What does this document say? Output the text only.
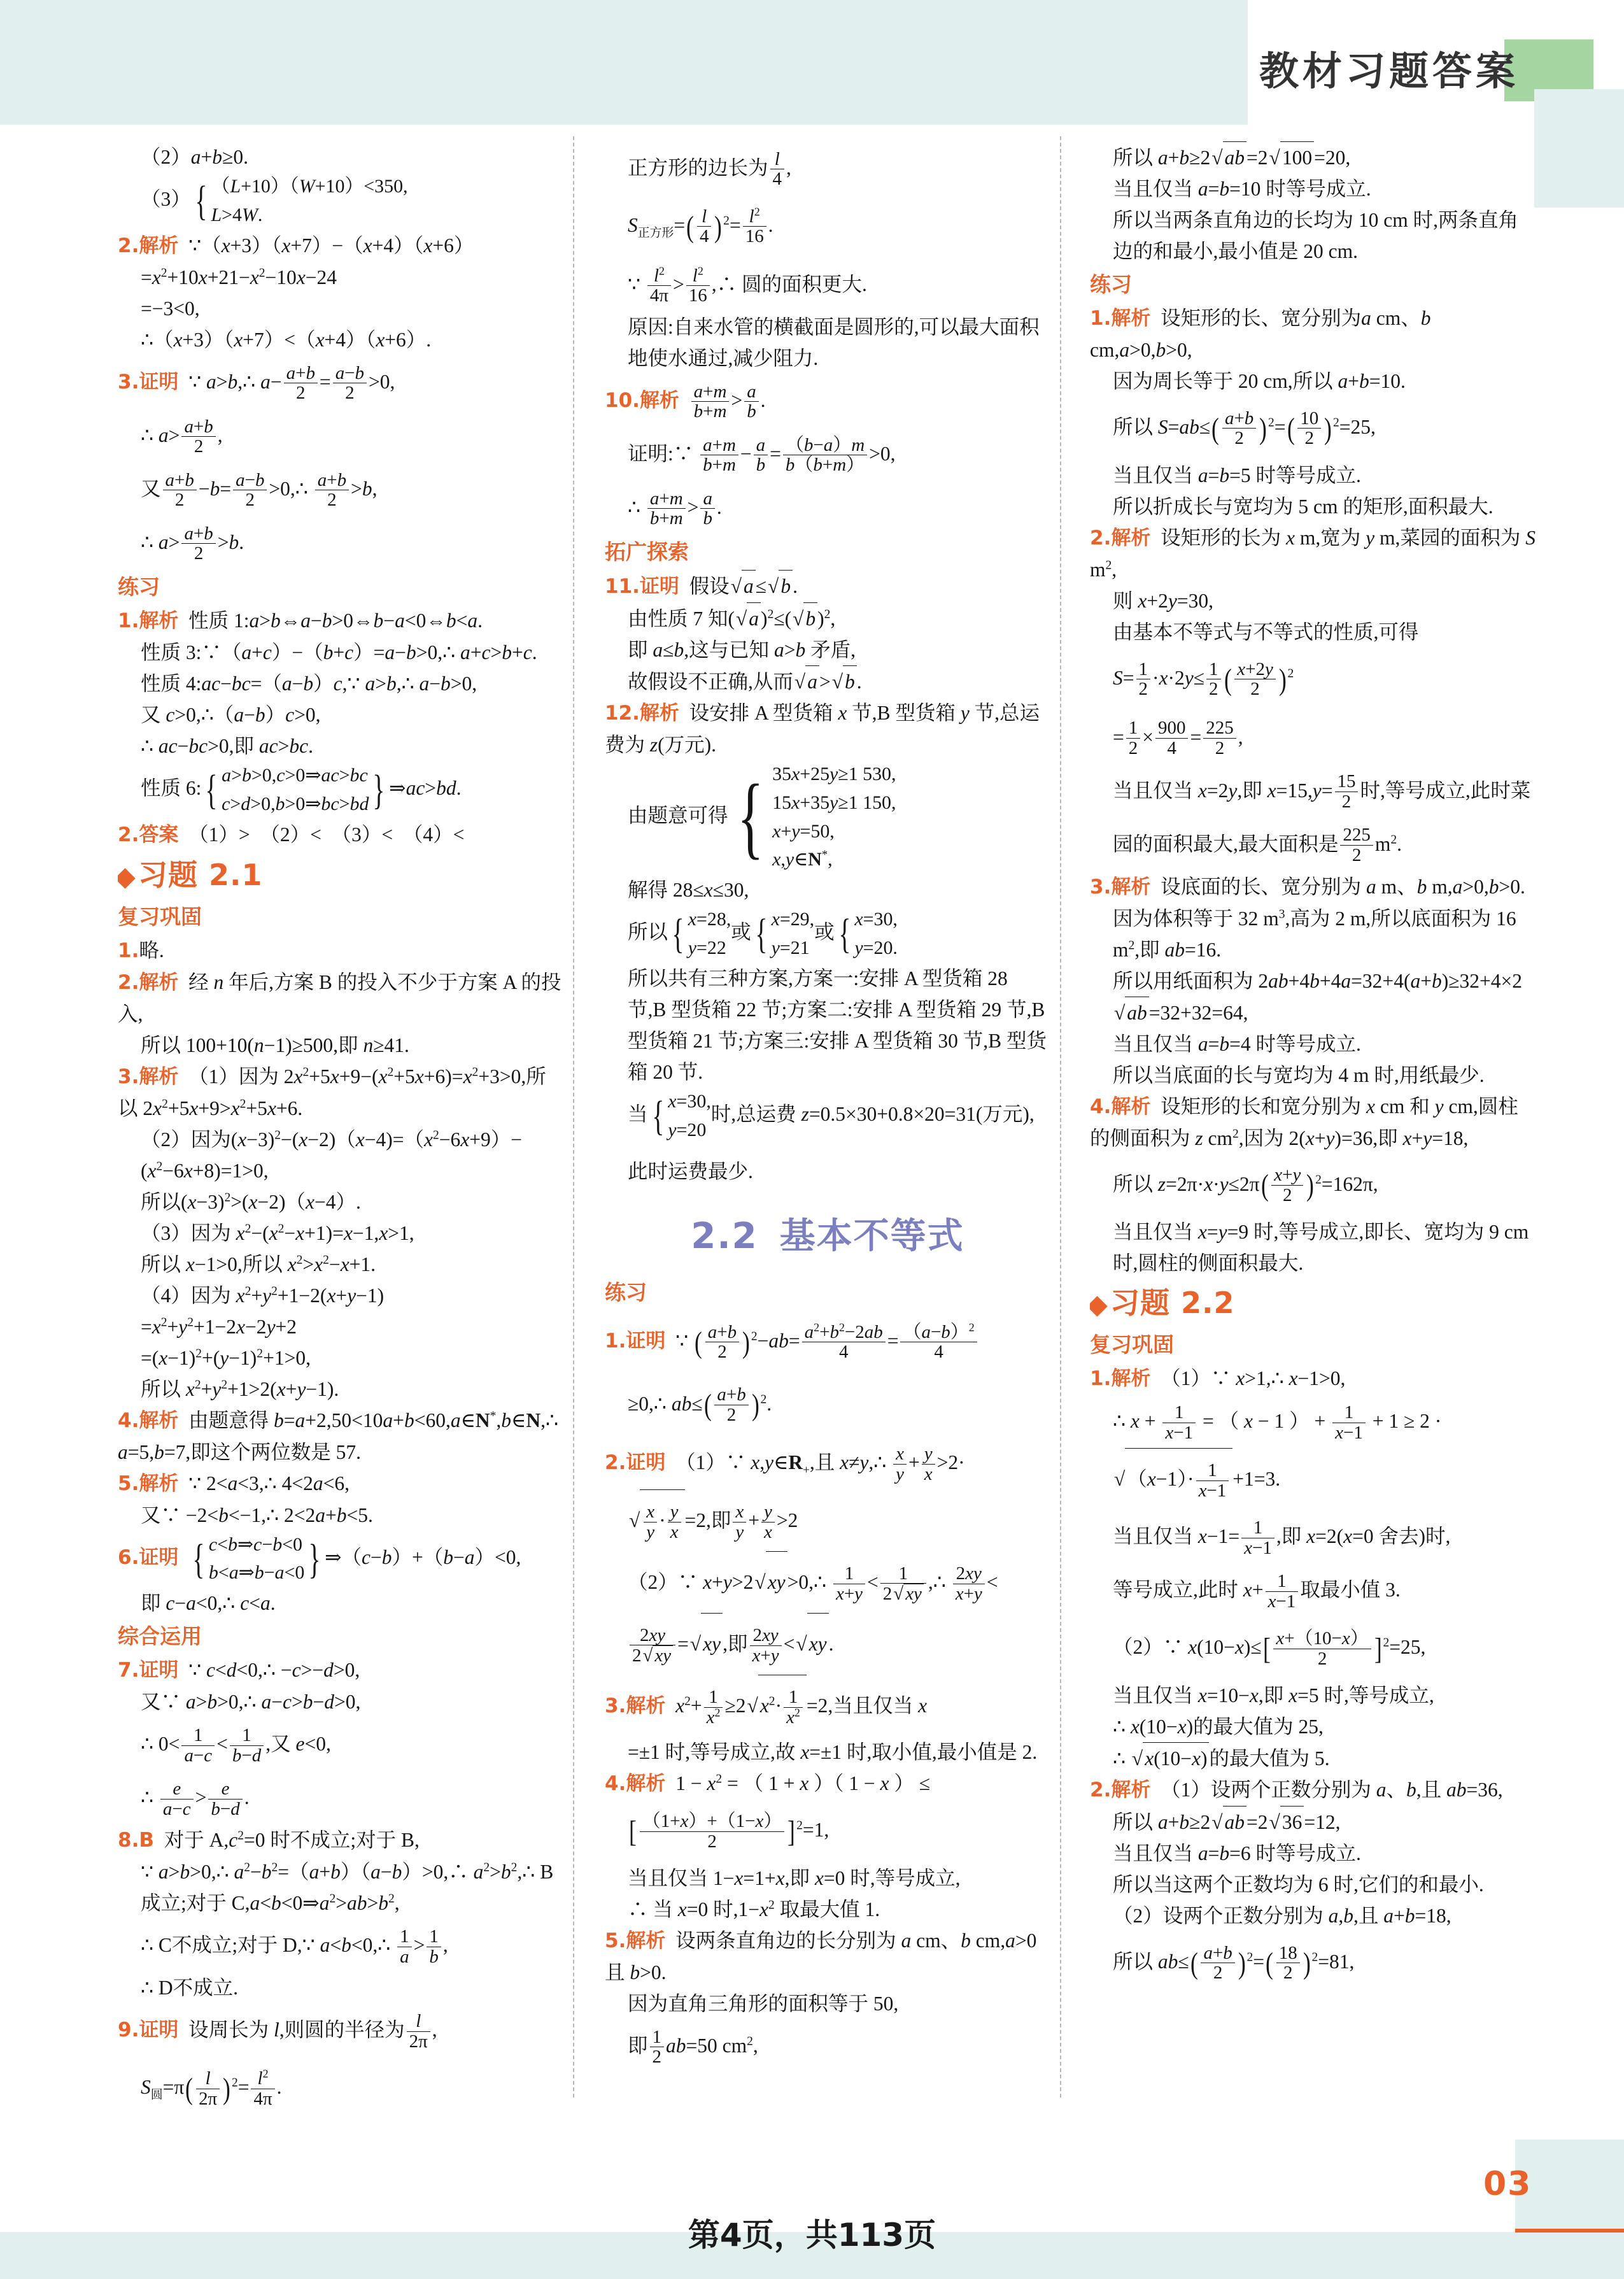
教材习题答案
（2）a+b≥0.
（3） { （L+10）（W+10）<350,
L>4W.
2.解析  ∵（x+3）（x+7）−（x+4）（x+6）
$=x^2+10x+21-x^2-10x-24$
=−3<0,
∴（x+3）（x+7）<（x+4）（x+6）.
3.证明  ∵ a>b,∴ $a- \frac{a+b}{2} = \frac{a-b}{2} >0$,
∴ $a> \frac{a+b}{2}$ ,
又 $\frac{a+b}{2} -b= \frac{a-b}{2}$ >0,∴ $\frac{a+b}{2} >b$,
∴ $a> \frac{a+b}{2} >b$.
练习
1.解析  性质 1:a>b⇔a−b>0⇔b−a<0⇔b<a.
性质 3:∵（a+c）−（b+c）=a−b>0,∴ a+c>b+c.
性质 4:ac−bc=（a−b）c,∵ a>b,∴ a−b>0,
又 c>0,∴（a−b）c>0,
∴ ac−bc>0,即 ac>bc.
性质 6: { a>b>0,c>0⇒ac>bc
c>d>0,b>0⇒bc>bd } ⇒ac>bd.
2.答案  （1）>  （2）<  （3）<  （4）<
习题 2.1
复习巩固
1.略.
2.解析  经 n 年后,方案 B 的投入不少于方案 A 的投入,
所以 100+10(n−1)≥500,即 n≥41.
3.解析  （1）因为 $2x^2+5x+9-(x^2+5x+6)=x^2+3>0$,所以 $2x^2+5x+9>x^2+5x+6$.
（2）因为$(x-3)^2-(x-2)(x-4)=(x^2-6x+9)-(x^2-6x+8)=1>0$,
所以$(x-3)^2>(x-2)(x-4)$.
（3）因为 $x^2-(x^2-x+1)=x-1,x>1$,
所以 x−1>0,所以 $x^2>x^2-x+1$.
（4）因为 $x^2+y^2+1-2(x+y-1)$
$=x^2+y^2+1-2x-2y+2$
$=(x-1)^2+(y-1)^2+1>0$,
所以 $x^2+y^2+1>2(x+y-1)$.
4.解析  由题意得 b=a+2,50<10a+b<60,a∈N*,b∈N,∴ a=5,b=7,即这个两位数是 57.
5.解析  ∵ 2<a<3,∴ 4<2a<6,
又∵ −2<b<−1,∴ 2<2a+b<5.
6.证明 { c<b⇒c−b<0
b<a⇒b−a<0 } ⇒（c−b）+（b−a）<0,
即 c−a<0,∴ c<a.
综合运用
7.证明  ∵ c<d<0,∴ −c>−d>0,
又∵ a>b>0,∴ a−c>b−d>0,
∴ $0< \frac{1}{a-c} < \frac{1}{b-d}$ ,又 e<0,
∴ $\frac{e}{a-c} > \frac{e}{b-d}$ .
8.B  对于 $A,c^2=0$ 时不成立;对于 B,
∵ a>b>0,∴ $a^2-b^2=(a+b)(a-b)>0,\therefore$ $a^2>b^2,\therefore$ B 成立;对于 $C,a<b<0\Rightarrow a^2>ab>b^2$,
∴ C不成立;对于 D,∵ a<b<0,∴ $\frac{1}{a} > \frac{1}{b}$ ,
∴ D不成立.
9.证明  设周长为 l,则圆的半径为 $\frac{l}{2\pi}$ ,
$S_圆=\pi( \frac{l}{2\pi}$ ) $^2= \frac{l^2}{4\pi}$ .
正方形的边长为 $\frac{l}{4}$ ,
$S_{正方形}=( \frac{l}{4}$ ) $^2= \frac{l^2}{16}$ .
∵ $\frac{l^2}{4\pi} > \frac{l^2}{16}$ ,∴ 圆的面积更大.
原因:自来水管的横截面是圆形的,可以最大面积地使水通过,减少阻力.
10.解析 $\frac{a+m}{b+m} > \frac{a}{b}$ .
证明:∵ $\frac{a+m}{b+m} - \frac{a}{b} = \frac{(b-a)m}{b(b+m)} >0$,
∴ $\frac{a+m}{b+m} > \frac{a}{b}$ .
拓广探索
11.证明  假设√a≤√b.
由性质 7 知$(√a)^2\le(√b)^2$,
即 a≤b,这与已知 a>b 矛盾,
故假设不正确,从而√a>√b.
12.解析  设安排 A 型货箱 x 节,B 型货箱 y 节,总运费为 z(万元).
由题意可得 { 35x+25y≥1 530,
15x+35y≥1 150,
x+y=50,
x,y∈N*,
解得 28≤x≤30,
所以 { x=28,
y=22
或 { x=29,
y=21
或 { x=30,
y=20.
所以共有三种方案,方案一:安排 A 型货箱 28 节,B 型货箱 22 节;方案二:安排 A 型货箱 29 节,B 型货箱 21 节;方案三:安排 A 型货箱 30 节,B 型货箱 20 节.
当 { x=30,
y=20
时,总运费 z=0.5×30+0.8×20=31(万元),此时运费最少.
2.2 基本不等式
练习
1.证明  ∵ ( $\frac{a+b}{2}$ ) $^2-ab= \frac{a^2+b^2-2ab}{4} = \frac{(a-b)^2}{4}$
≥0,∴ $ab\le( \frac{a+b}{2}$ ) $^2$.
2.证明  （1）∵ $x,y\in R_+$,且 x≠y,∴ $\frac{x}{y} + \frac{y}{x} >2\cdot$
√ $\frac{x}{y} \cdot \frac{y}{x} =2$,即 $\frac{x}{y} + \frac{y}{x} >2$
（2）∵ x+y>2√xy>0,∴ $\frac{1}{x+y} < \frac{1}{2√ xy}$ ,∴ $\frac{2xy}{x+y}$ <
$\frac{2xy}{2√ xy} =√xy$,即 $\frac{2xy}{x+y} <√xy$.
3.解析 $x^2+ \frac{1}{x^2} \ge 2√x^2\cdot \frac{1}{x^2} =2$,当且仅当 x
=±1 时,等号成立,故 x=±1 时,取小值,最小值是 2.
4.解析  $1 - x^2$ = （ 1 + x ）（ 1 − x ） ≤
[ $\frac{(1+x)+(1-x)}{2}$ ] $^2$=1,
当且仅当 1−x=1+x,即 x=0 时,等号成立,
∴ 当 x=0 时$,1-x^2$ 取最大值 1.
5.解析  设两条直角边的长分别为 a cm、b cm,a>0 且 b>0.
因为直角三角形的面积等于 50,
即 $\frac{1}{2} ab=50$ $cm^2$,
所以 a+b≥2√ab=2√100=20,
当且仅当 a=b=10 时等号成立.
所以当两条直角边的长均为 10 cm 时,两条直角边的和最小,最小值是 20 cm.
练习
1.解析  设矩形的长、宽分别为a cm、b cm,a>0,b>0,
因为周长等于 20 cm,所以 a+b=10.
所以 $S=ab\le( \frac{a+b}{2}$ ) $^2=( \frac{10}{2}$ ) $^2$=25,
当且仅当 a=b=5 时等号成立.
所以折成长与宽均为 5 cm 的矩形,面积最大.
2.解析  设矩形的长为 x m,宽为 y m,菜园的面积为 S $m^2$,
则 x+2y=30,
由基本不等式与不等式的性质,可得
$S= \frac{1}{2} \cdot x\cdot 2y\le \frac{1}{2}$ ( $\frac{x+2y}{2}$ ) $^2$
= $\frac{1}{2} \times \frac{900}{4} = \frac{225}{2}$ ,
当且仅当 x=2y,即 $x=15,y= \frac{15}{2}$ 时,等号成立,此时菜园的面积最大,最大面积是 $\frac{225}{2} m^2$.
3.解析  设底面的长、宽分别为 a m、b m,a>0,b>0.
因为体积等于 32 $m^3$,高为 2 m,所以底面积为 16 $m^2$,即 ab=16.
所以用纸面积为 2ab+4b+4a=32+4(a+b)≥32+4×2√ab=32+32=64,
当且仅当 a=b=4 时等号成立.
所以当底面的长与宽均为 4 m 时,用纸最少.
4.解析  设矩形的长和宽分别为 x cm 和 y cm,圆柱的侧面积为 z $cm^2$,因为 2(x+y)=36,即 x+y=18,
所以 $z=2\pi\cdot x\cdot y\le 2\pi( \frac{x+y}{2}$ ) $^2$=162π,
当且仅当 x=y=9 时,等号成立,即长、宽均为 9 cm 时,圆柱的侧面积最大.
习题 2.2
复习巩固
1.解析  （1）∵ x>1,∴ x−1>0,
∴ $x + \frac{1}{x-1}$ = （ x − 1 ） + $\frac{1}{x-1} + 1 \ge 2$ ·
$√(x-1)\cdot \frac{1}{x-1} +1=3$.
当且仅当 $x-1= \frac{1}{x-1}$ ,即 x=2(x=0 舍去)时,
等号成立,此时 $x+ \frac{1}{x-1}$ 取最小值 3.
（2）∵ $x(10-x)\le[ \frac{x+(10-x)}{2}$ ] $^2$=25,
当且仅当 x=10−x,即 x=5 时,等号成立,
∴ x(10−x)的最大值为 25,
∴ √x(10−x)的最大值为 5.
2.解析  （1）设两个正数分别为 a、b,且 ab=36,
所以 a+b≥2√ab=2√36=12,
当且仅当 a=b=6 时等号成立.
所以当这两个正数均为 6 时,它们的和最小.
（2）设两个正数分别为 a,b,且 a+b=18,
所以 $ab\le( \frac{a+b}{2}$ ) $^2=( \frac{18}{2}$ ) $^2$=81,
03
第4页，共113页
